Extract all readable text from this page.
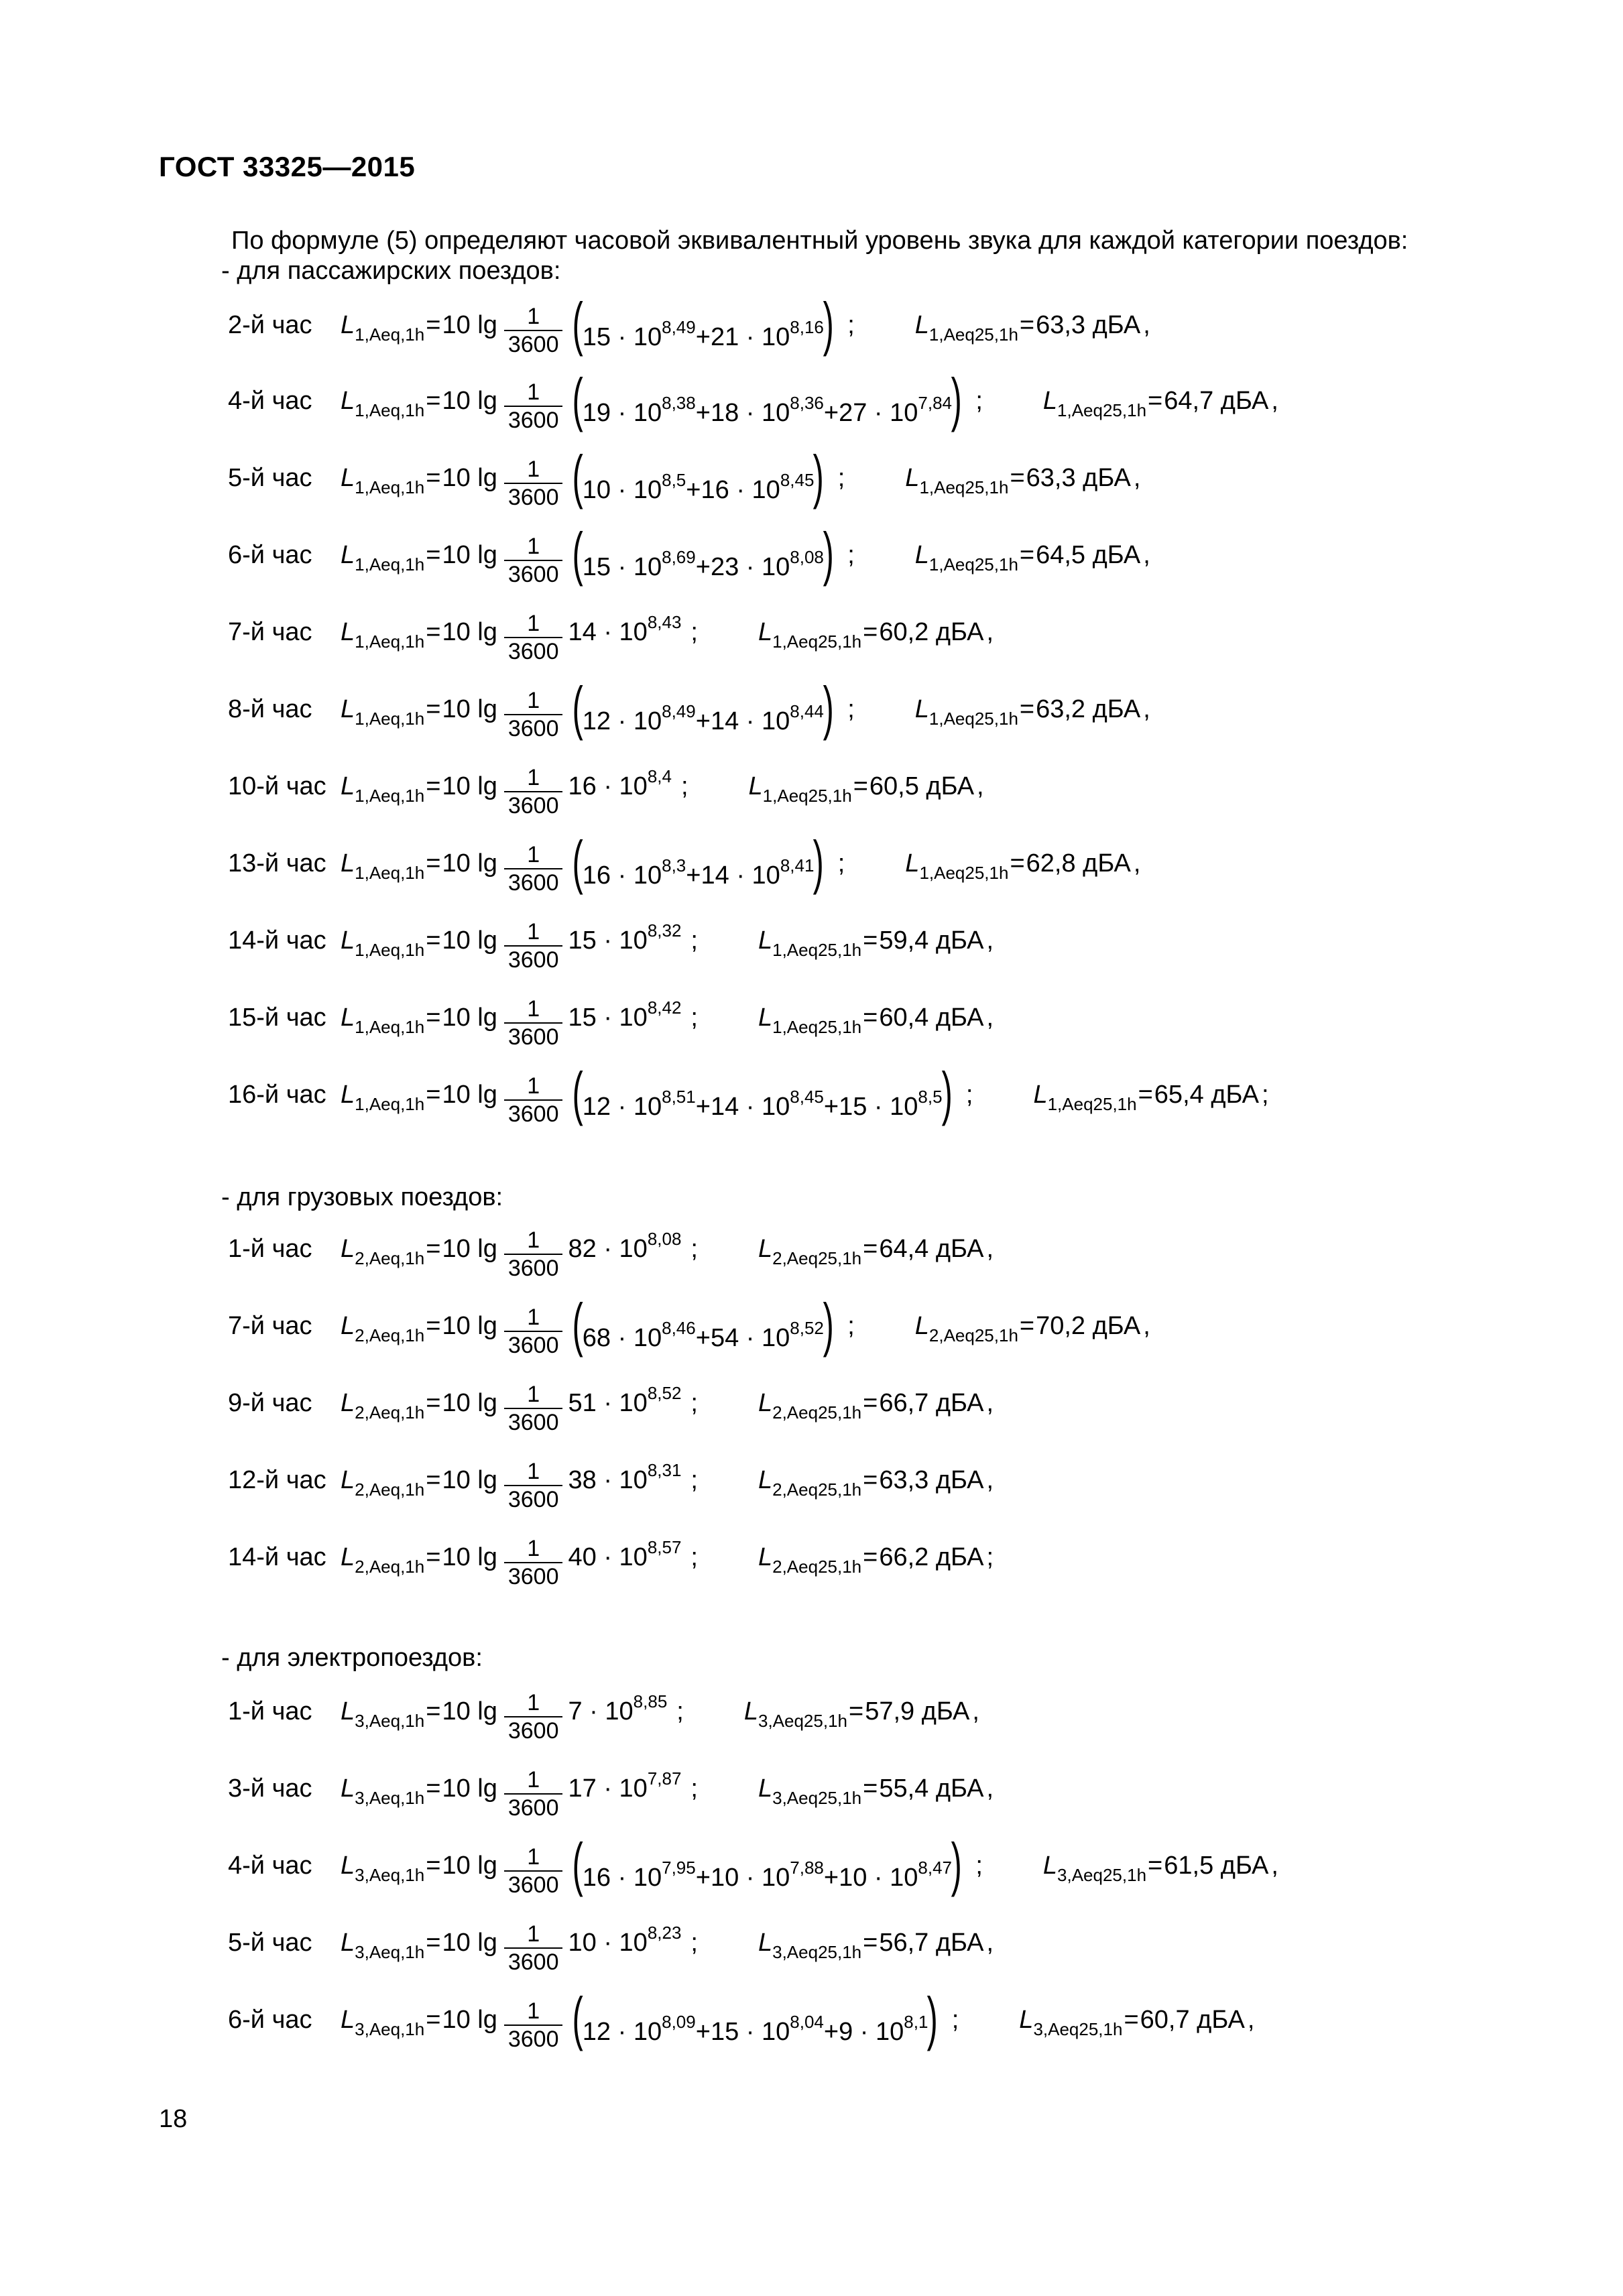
ГОСТ 33325—2015
По формуле (5) определяют часовой эквивалентный уровень звука для каждой категории поездов:
- для пассажирских поездов:
2-й час	$L_{1,Aeq,1h} = 10$ $\lg \frac{1}{3600} (15 \cdot 10^{8,49}+21 \cdot 10^{8,16})$ ; $L_{1,Aeq25,1h}=63,3$ дБА ,
4-й час	$L_{1,Aeq,1h} = 10$ $\lg \frac{1}{3600} (19 \cdot 10^{8,38}+18 \cdot 10^{8,36}+27 \cdot 10^{7,84})$ ; $L_{1,Aeq25,1h}=64,7$ дБА ,
5-й час	$L_{1,Aeq,1h} = 10$ $\lg \frac{1}{3600} (10 \cdot 10^{8,5}+16 \cdot 10^{8,45})$ ; $L_{1,Aeq25,1h}=63,3$ дБА ,
6-й час	$L_{1,Aeq,1h} = 10$ $\lg \frac{1}{3600} (15 \cdot 10^{8,69}+23 \cdot 10^{8,08})$ ; $L_{1,Aeq25,1h}=64,5$ дБА ,
7-й час	$L_{1,Aeq,1h} = 10$ $\lg \frac{1}{3600} 14 \cdot 10^{8,43}$ ; $L_{1,Aeq25,1h}=60,2$ дБА ,
8-й час	$L_{1,Aeq,1h} = 10$ $\lg \frac{1}{3600} (12 \cdot 10^{8,49}+14 \cdot 10^{8,44})$ ; $L_{1,Aeq25,1h}=63,2$ дБА ,
10-й час $L_{1,Aeq,1h} = 10$ $\lg \frac{1}{3600} 16 \cdot 10^{8,4}$ ; $L_{1,Aeq25,1h}=60,5$ дБА ,
13-й час $L_{1,Aeq,1h} = 10$ $\lg \frac{1}{3600} (16 \cdot 10^{8,3}+14 \cdot 10^{8,41})$ ; $L_{1,Aeq25,1h}=62,8$ дБА ,
14-й час $L_{1,Aeq,1h} = 10$ $\lg \frac{1}{3600} 15 \cdot 10^{8,32}$ ; $L_{1,Aeq25,1h}=59,4$ дБА ,
15-й час $L_{1,Aeq,1h} = 10$ $\lg \frac{1}{3600} 15 \cdot 10^{8,42}$ ; $L_{1,Aeq25,1h}=60,4$ дБА ,
16-й час $L_{1,Aeq,1h} = 10$ $\lg \frac{1}{3600} (12 \cdot 10^{8,51}+14 \cdot 10^{8,45}+15 \cdot 10^{8,5})$ ; $L_{1,Aeq25,1h}=65,4$ дБА ;
- для грузовых поездов:
1-й час	$L_{2,Aeq,1h} = 10$ $\lg \frac{1}{3600} 82 \cdot 10^{8,08}$ ; $L_{2,Aeq25,1h}=64,4$ дБА ,
7-й час	$L_{2,Aeq,1h} = 10$ $\lg \frac{1}{3600} (68 \cdot 10^{8,46}+54 \cdot 10^{8,52})$ ; $L_{2,Aeq25,1h}=70,2$ дБА ,
9-й час	$L_{2,Aeq,1h} = 10$ $\lg \frac{1}{3600} 51 \cdot 10^{8,52}$ ; $L_{2,Aeq25,1h}=66,7$ дБА ,
12-й час $L_{2,Aeq,1h} = 10$ $\lg \frac{1}{3600} 38 \cdot 10^{8,31}$ ; $L_{2,Aeq25,1h}=63,3$ дБА ,
14-й час $L_{2,Aeq,1h} = 10$ $\lg \frac{1}{3600} 40 \cdot 10^{8,57}$ ; $L_{2,Aeq25,1h}=66,2$ дБА ;
- для электропоездов:
1-й час	$L_{3,Aeq,1h} = 10$ $\lg \frac{1}{3600} 7 \cdot 10^{8,85}$ ; $L_{3,Aeq25,1h}=57,9$ дБА ,
3-й час	$L_{3,Aeq,1h} = 10$ $\lg \frac{1}{3600} 17 \cdot 10^{7,87}$ ; $L_{3,Aeq25,1h}=55,4$ дБА ,
4-й час	$L_{3,Aeq,1h} = 10$ $\lg \frac{1}{3600} (16 \cdot 10^{7,95}+10 \cdot 10^{7,88}+10 \cdot 10^{8,47})$ ; $L_{3,Aeq25,1h}=61,5$ дБА ,
5-й час	$L_{3,Aeq,1h} = 10$ $\lg \frac{1}{3600} 10 \cdot 10^{8,23}$ ; $L_{3,Aeq25,1h}=56,7$ дБА ,
6-й час	$L_{3,Aeq,1h} = 10$ $\lg \frac{1}{3600} (12 \cdot 10^{8,09}+15 \cdot 10^{8,04}+9 \cdot 10^{8,1})$ ; $L_{3,Aeq25,1h}=60,7$ дБА ,
18
